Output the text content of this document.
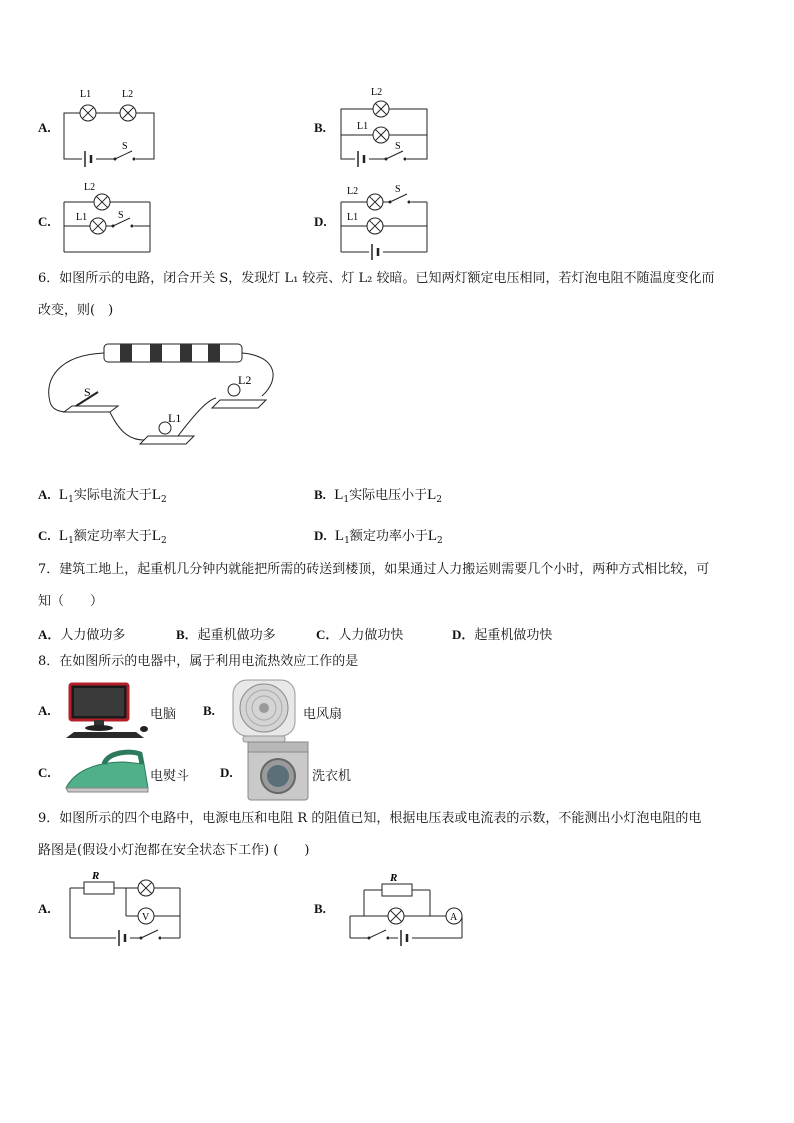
A.
L1	L2
S
B.
L2
L1
S
C.
L2
L1	S	D.
L2	S
L1
6．如图所示的电路，闭合开关 S，发现灯 L₁ 较亮、灯 L₂ 较暗。已知两灯额定电压相同，若灯泡电阻不随温度变化而
改变，则(　)
S
L1
L2
A. $L_1$实际电流大于$L_2$	B. $L_1$实际电压小于$L_2$
C. $L_1$额定功率大于$L_2$	D. $L_1$额定功率小于$L_2$
7．建筑工地上，起重机几分钟内就能把所需的砖送到楼顶，如果通过人力搬运则需要几个小时，两种方式相比较，可
知（　　）
A．人力做功多	B．起重机做功多	C．人力做功快	D．起重机做功快
8．在如图所示的电器中，属于利用电流热效应工作的是
A.	电脑 B.	电风扇
C.	电熨斗 D.	洗衣机
9．如图所示的四个电路中，电源电压和电阻 R 的阻值已知，根据电压表或电流表的示数，不能测出小灯泡电阻的电
路图是(假设小灯泡都在安全状态下工作) (　　)
A.
R
V
B.
R
A
